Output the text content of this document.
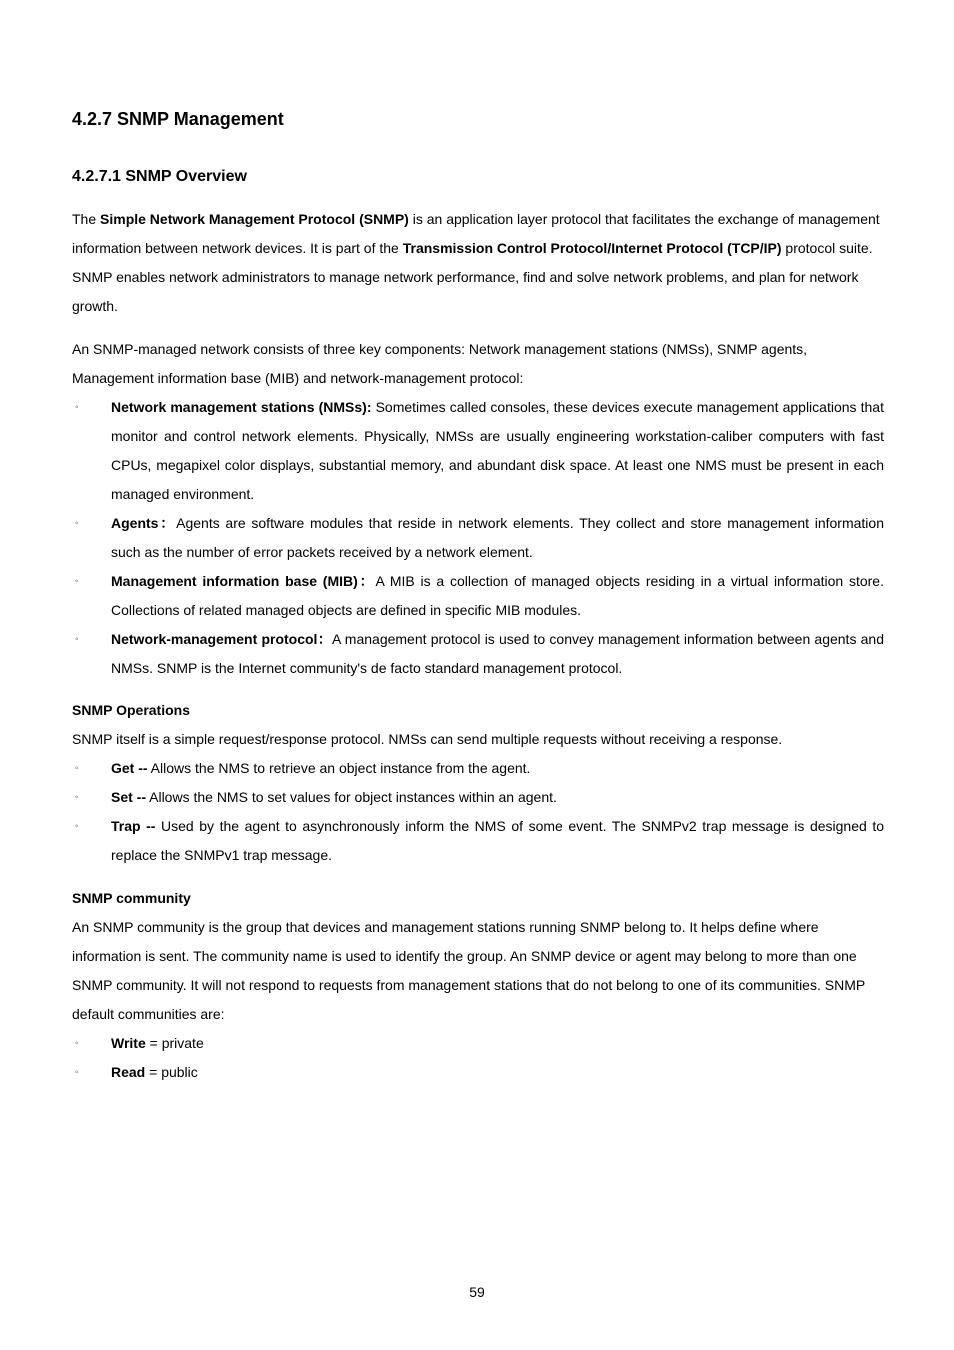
4.2.7 SNMP Management
4.2.7.1 SNMP Overview

The Simple Network Management Protocol (SNMP) is an application layer protocol that facilitates the exchange of management information between network devices. It is part of the Transmission Control Protocol/Internet Protocol (TCP/IP) protocol suite. SNMP enables network administrators to manage network performance, find and solve network problems, and plan for network growth.

An SNMP-managed network consists of three key components: Network management stations (NMSs), SNMP agents, Management information base (MIB) and network-management protocol:

◦ Network management stations (NMSs): Sometimes called consoles, these devices execute management applications that monitor and control network elements. Physically, NMSs are usually engineering workstation-caliber computers with fast CPUs, megapixel color displays, substantial memory, and abundant disk space. At least one NMS must be present in each managed environment.
◦ Agents：Agents are software modules that reside in network elements. They collect and store management information such as the number of error packets received by a network element.
◦ Management information base (MIB)：A MIB is a collection of managed objects residing in a virtual information store. Collections of related managed objects are defined in specific MIB modules.
◦ Network-management protocol：A management protocol is used to convey management information between agents and NMSs. SNMP is the Internet community's de facto standard management protocol.

SNMP Operations

SNMP itself is a simple request/response protocol. NMSs can send multiple requests without receiving a response.

◦ Get -- Allows the NMS to retrieve an object instance from the agent.
◦ Set -- Allows the NMS to set values for object instances within an agent.
◦ Trap -- Used by the agent to asynchronously inform the NMS of some event. The SNMPv2 trap message is designed to replace the SNMPv1 trap message.

SNMP community

An SNMP community is the group that devices and management stations running SNMP belong to. It helps define where information is sent. The community name is used to identify the group. An SNMP device or agent may belong to more than one SNMP community. It will not respond to requests from management stations that do not belong to one of its communities. SNMP default communities are:

◦ Write = private
◦ Read = public
59
